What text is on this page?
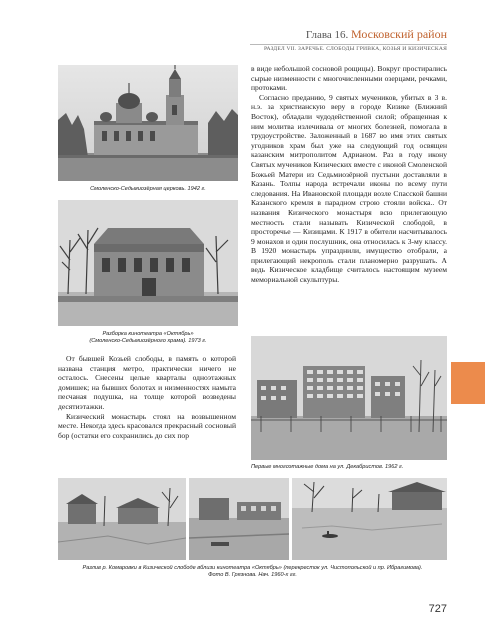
Глава 16. Московский район
РАЗДЕЛ VII. ЗАРЕЧЬЕ. СЛОБОДЫ ГРИВКА, КОЗЬЯ И КИЗИЧЕСКАЯ
Смоленско-Седьмиозёрная церковь. 1942 г.
Разборка кинотеатра «Октябрь»
(Смоленско-Седьмиозёрного храма). 1973 г.

От бывшей Козьей слободы, в память о которой названа станция метро, практически ничего не осталось. Снесены целые кварталы одноэтажных домишек; на бывших болотах и низменностях намыта песчаная подушка, на толще которой возведены десятиэтажки.

Кизический монастырь стоял на возвышенном месте. Некогда здесь красовался прекрасный сосновый бор (остатки его сохранились до сих пор

в виде небольшой сосновой рощицы). Вокруг простирались сырые низменности с многочисленными озерцами, речками, протоками.

Согласно преданию, 9 святых мучеников, убитых в 3 в. н.э. за христианскую веру в городе Кизике (Ближний Восток), обладали чудодейственной силой; обращенная к ним молитва излечивала от многих болезней, помогала в трудоустройстве. Заложенный в 1687 во имя этих святых угодников храм был уже на следующий год освящен казанским митрополитом Адрианом. Раз в году икону Святых мучеников Кизических вместе с иконой Смоленской Божьей Матери из Седьмиозёрной пустыни доставляли в Казань. Толпы народа встречали иконы по всему пути следования. На Ивановской площади возле Спасской башни Казанского кремля в парадном строю стояли войска.. От названия Кизического монастыря всю прилегающую местность стали называть Кизической слободой, в просторечье — Кизицами. К 1917 в обители насчитывалось 9 монахов и один послушник, она относилась к 3-му классу. В 1920 монастырь упразднили, имущество отобрали, а прилегающий некрополь стали планомерно разрушать. А ведь Кизическое кладбище считалось настоящим музеем мемориальной скульптуры.

Первые многоэтажные дома на ул. Декабристов. 1962 г.
Разлив р. Комаровки в Кизической слободе вблизи кинотеатра «Октябрь» (перекресток ул. Чистопольской и пр. Ибрагимова).
Фото В. Грязнова. Нач. 1960-х гг.
727
